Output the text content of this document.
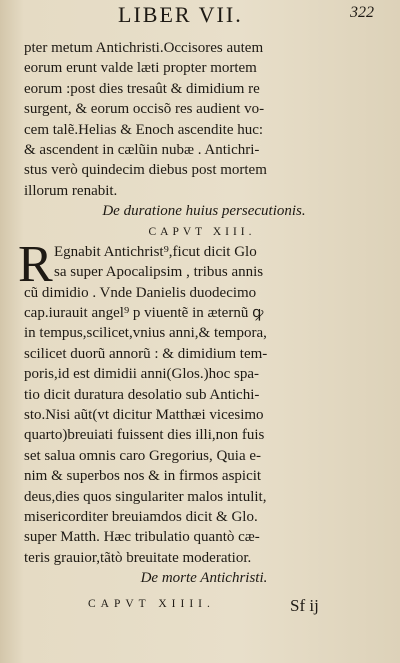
LIBER VII.	322
pter metum Antichristi.Occisores autem
eorum erunt valde læti propter mortem
eorum :post dies tresaût & dimidium re
surgent, & eorum occisõ res audient vo-
cem talẽ.Helias & Enoch ascendite huc:
& ascendent in cælũin nubæ . Antichri-
stus verò quindecim diebus post mortem
illorum renabit.
De duratione huius persecutionis.
CAPVT XIII.
R Egnabit Antichrist⁹,ficut dicit Glo
sa super Apocalipsim , tribus annis
cũ dimidio . Vnde Danielis duodecimo
cap.iurauit angel⁹ p viuentẽ in æternũ ꝙ
in tempus,scilicet,vnius anni,& tempora,
scilicet duorũ annorũ : & dimidium tem-
poris,id est dimidii anni(Glos.)hoc spa-
tio dicit duratura desolatio sub Antichi-
sto.Nisi aũt(vt dicitur Matthæi vicesimo
quarto)breuiati fuissent dies illi,non fuis
set salua omnis caro Gregorius, Quia e-
nim & superbos nos & in firmos aspicit
deus,dies quos singulariter malos intulit,
misericorditer breuiamdos dicit & Glo.
super Matth. Hæc tribulatio quantò cæ-
teris grauior,tãtò breuitate moderatior.
De morte Antichristi.
CAPVT XIIII.	Sf ij
